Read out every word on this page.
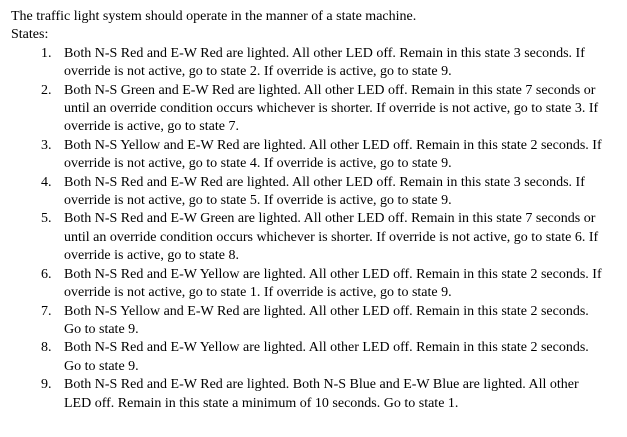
The traffic light system should operate in the manner of a state machine.

States:

1. Both N-S Red and E-W Red are lighted. All other LED off. Remain in this state 3 seconds. If override is not active, go to state 2. If override is active, go to state 9.
2. Both N-S Green and E-W Red are lighted. All other LED off. Remain in this state 7 seconds or until an override condition occurs whichever is shorter. If override is not active, go to state 3. If override is active, go to state 7.
3. Both N-S Yellow and E-W Red are lighted. All other LED off. Remain in this state 2 seconds. If override is not active, go to state 4. If override is active, go to state 9.
4. Both N-S Red and E-W Red are lighted. All other LED off. Remain in this state 3 seconds. If override is not active, go to state 5. If override is active, go to state 9.
5. Both N-S Red and E-W Green are lighted. All other LED off. Remain in this state 7 seconds or until an override condition occurs whichever is shorter. If override is not active, go to state 6. If override is active, go to state 8.
6. Both N-S Red and E-W Yellow are lighted. All other LED off. Remain in this state 2 seconds. If override is not active, go to state 1. If override is active, go to state 9.
7. Both N-S Yellow and E-W Red are lighted. All other LED off. Remain in this state 2 seconds. Go to state 9.
8. Both N-S Red and E-W Yellow are lighted. All other LED off. Remain in this state 2 seconds. Go to state 9.
9. Both N-S Red and E-W Red are lighted. Both N-S Blue and E-W Blue are lighted. All other LED off. Remain in this state a minimum of 10 seconds. Go to state 1.
